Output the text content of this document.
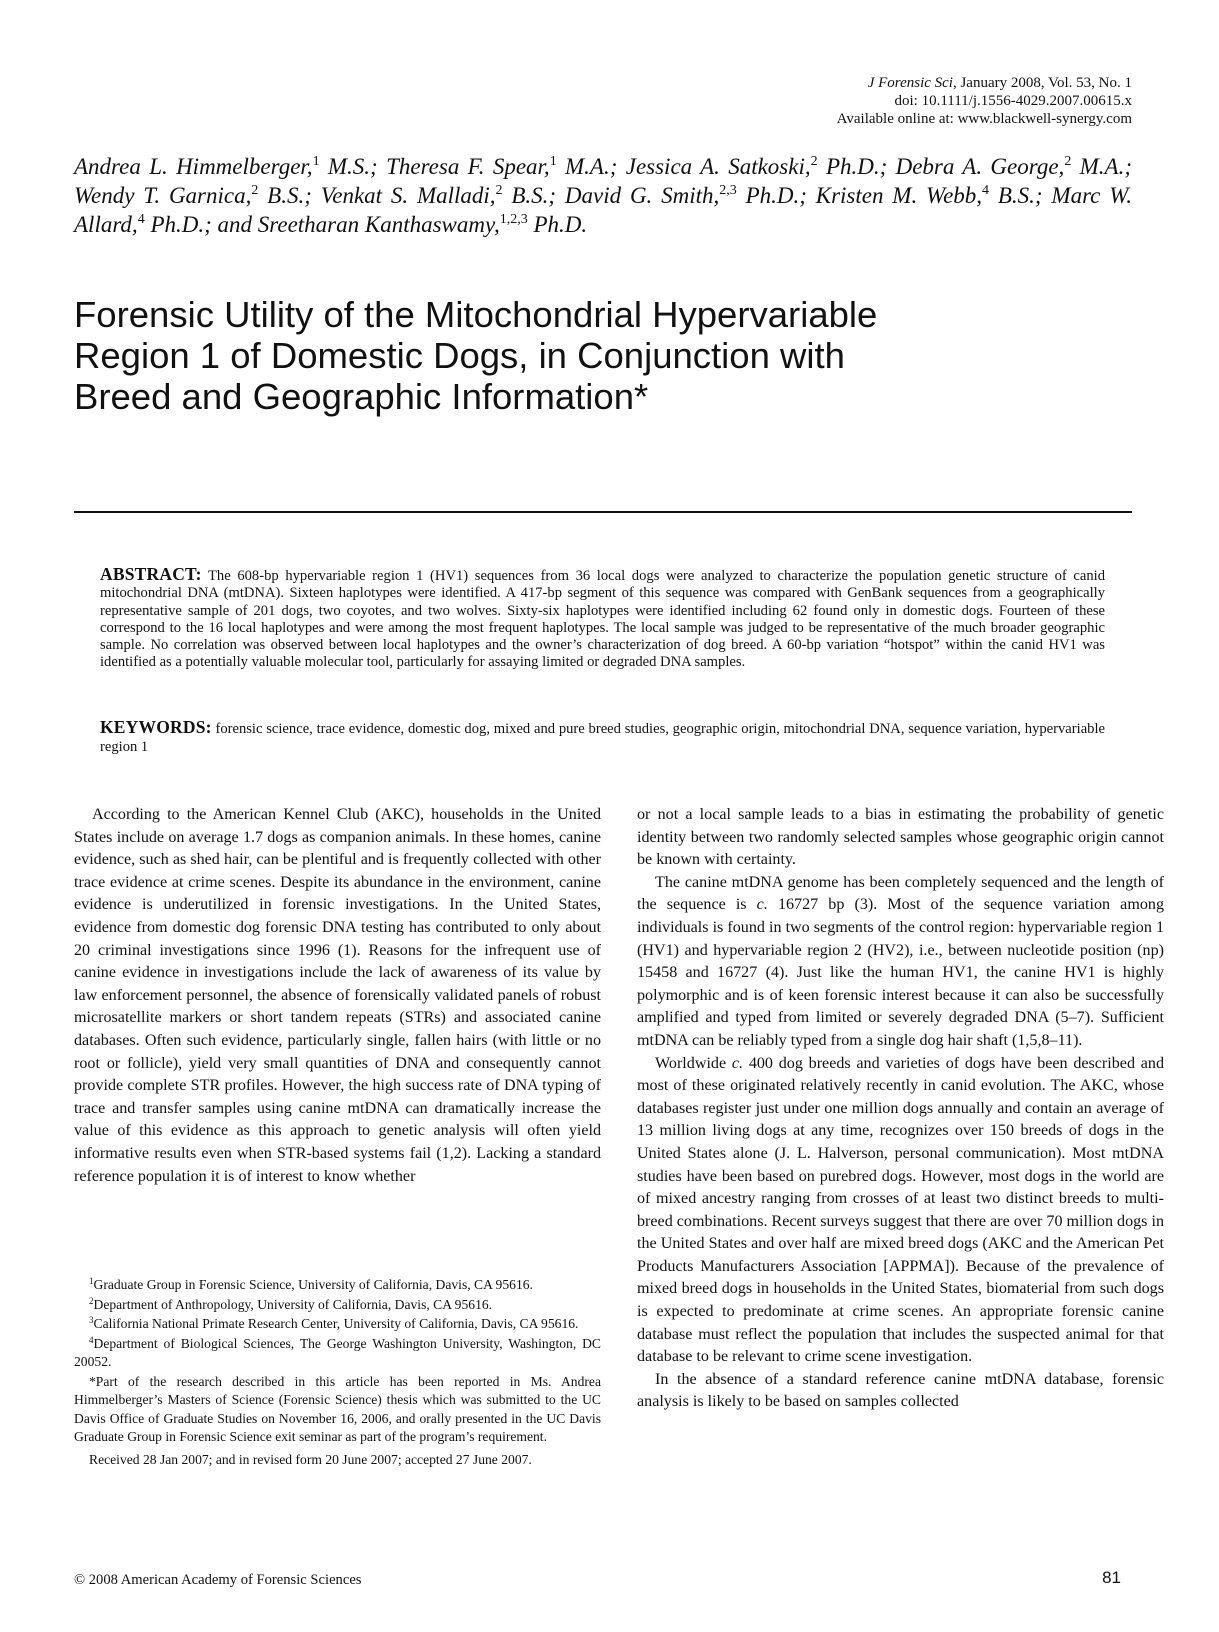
J Forensic Sci, January 2008, Vol. 53, No. 1
doi: 10.1111/j.1556-4029.2007.00615.x
Available online at: www.blackwell-synergy.com
Andrea L. Himmelberger,$^1$ M.S.; Theresa F. Spear,$^1$ M.A.; Jessica A. Satkoski,$^2$ Ph.D.; Debra A. George,$^2$ M.A.; Wendy T. Garnica,$^2$ B.S.; Venkat S. Malladi,$^2$ B.S.; David G. Smith,$^{2,3}$ Ph.D.; Kristen M. Webb,$^4$ B.S.; Marc W. Allard,$^4$ Ph.D.; and Sreetharan Kanthaswamy,$^{1,2,3}$ Ph.D.
Forensic Utility of the Mitochondrial Hypervariable Region 1 of Domestic Dogs, in Conjunction with Breed and Geographic Information*
ABSTRACT: The 608-bp hypervariable region 1 (HV1) sequences from 36 local dogs were analyzed to characterize the population genetic structure of canid mitochondrial DNA (mtDNA). Sixteen haplotypes were identified. A 417-bp segment of this sequence was compared with GenBank sequences from a geographically representative sample of 201 dogs, two coyotes, and two wolves. Sixty-six haplotypes were identified including 62 found only in domestic dogs. Fourteen of these correspond to the 16 local haplotypes and were among the most frequent haplotypes. The local sample was judged to be representative of the much broader geographic sample. No correlation was observed between local haplotypes and the owner’s characterization of dog breed. A 60-bp variation “hotspot” within the canid HV1 was identified as a potentially valuable molecular tool, particularly for assaying limited or degraded DNA samples.
KEYWORDS: forensic science, trace evidence, domestic dog, mixed and pure breed studies, geographic origin, mitochondrial DNA, sequence variation, hypervariable region 1

According to the American Kennel Club (AKC), households in the United States include on average 1.7 dogs as companion animals. In these homes, canine evidence, such as shed hair, can be plentiful and is frequently collected with other trace evidence at crime scenes. Despite its abundance in the environment, canine evidence is underutilized in forensic investigations. In the United States, evidence from domestic dog forensic DNA testing has contributed to only about 20 criminal investigations since 1996 (1). Reasons for the infrequent use of canine evidence in investigations include the lack of awareness of its value by law enforcement personnel, the absence of forensically validated panels of robust microsatellite markers or short tandem repeats (STRs) and associated canine databases. Often such evidence, particularly single, fallen hairs (with little or no root or follicle), yield very small quantities of DNA and consequently cannot provide complete STR profiles. However, the high success rate of DNA typing of trace and transfer samples using canine mtDNA can dramatically increase the value of this evidence as this approach to genetic analysis will often yield informative results even when STR-based systems fail (1,2). Lacking a standard reference population it is of interest to know whether

$^1$Graduate Group in Forensic Science, University of California, Davis, CA 95616.

$^2$Department of Anthropology, University of California, Davis, CA 95616.

$^3$California National Primate Research Center, University of California, Davis, CA 95616.

$^4$Department of Biological Sciences, The George Washington University, Washington, DC 20052.

*Part of the research described in this article has been reported in Ms. Andrea Himmelberger’s Masters of Science (Forensic Science) thesis which was submitted to the UC Davis Office of Graduate Studies on November 16, 2006, and orally presented in the UC Davis Graduate Group in Forensic Science exit seminar as part of the program’s requirement.

Received 28 Jan 2007; and in revised form 20 June 2007; accepted 27 June 2007.

or not a local sample leads to a bias in estimating the probability of genetic identity between two randomly selected samples whose geographic origin cannot be known with certainty.

The canine mtDNA genome has been completely sequenced and the length of the sequence is c. 16727 bp (3). Most of the sequence variation among individuals is found in two segments of the control region: hypervariable region 1 (HV1) and hypervariable region 2 (HV2), i.e., between nucleotide position (np) 15458 and 16727 (4). Just like the human HV1, the canine HV1 is highly polymorphic and is of keen forensic interest because it can also be successfully amplified and typed from limited or severely degraded DNA (5–7). Sufficient mtDNA can be reliably typed from a single dog hair shaft (1,5,8–11).

Worldwide c. 400 dog breeds and varieties of dogs have been described and most of these originated relatively recently in canid evolution. The AKC, whose databases register just under one million dogs annually and contain an average of 13 million living dogs at any time, recognizes over 150 breeds of dogs in the United States alone (J. L. Halverson, personal communication). Most mtDNA studies have been based on purebred dogs. However, most dogs in the world are of mixed ancestry ranging from crosses of at least two distinct breeds to multi-breed combinations. Recent surveys suggest that there are over 70 million dogs in the United States and over half are mixed breed dogs (AKC and the American Pet Products Manufacturers Association [APPMA]). Because of the prevalence of mixed breed dogs in households in the United States, biomaterial from such dogs is expected to predominate at crime scenes. An appropriate forensic canine database must reflect the population that includes the suspected animal for that database to be relevant to crime scene investigation.

In the absence of a standard reference canine mtDNA database, forensic analysis is likely to be based on samples collected

© 2008 American Academy of Forensic Sciences	81
